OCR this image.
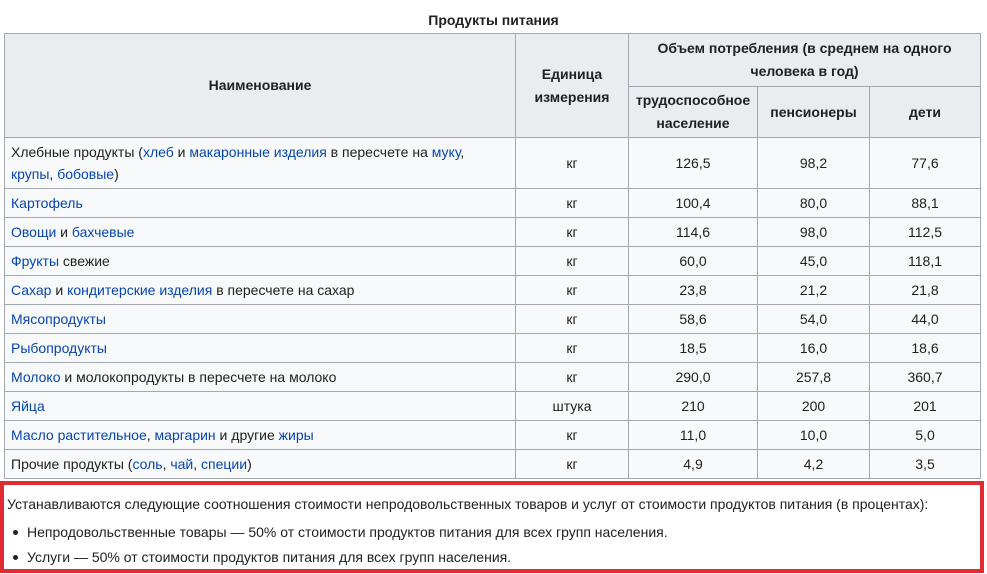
Продукты питания
Наименование	Единица измерения	Объем потребления (в среднем на одного человека в год)		
		трудоспособное население	пенсионеры	дети
Хлебные продукты (хлеб и макаронные изделия в пересчете на муку,
крупы, бобовые)	кг	126,5	98,2	77,6
Картофель	кг	100,4	80,0	88,1
Овощи и бахчевые	кг	114,6	98,0	112,5
Фрукты свежие	кг	60,0	45,0	118,1
Сахар и кондитерские изделия в пересчете на сахар	кг	23,8	21,2	21,8
Мясопродукты	кг	58,6	54,0	44,0
Рыбопродукты	кг	18,5	16,0	18,6
Молоко и молокопродукты в пересчете на молоко	кг	290,0	257,8	360,7
Яйца	штука	210	200	201
Масло растительное, маргарин и другие жиры	кг	11,0	10,0	5,0
Прочие продукты (соль, чай, специи)	кг	4,9	4,2	3,5

Устанавливаются следующие соотношения стоимости непродовольственных товаров и услуг от стоимости продуктов питания (в процентах):

Непродовольственные товары — 50% от стоимости продуктов питания для всех групп населения.
Услуги — 50% от стоимости продуктов питания для всех групп населения.
